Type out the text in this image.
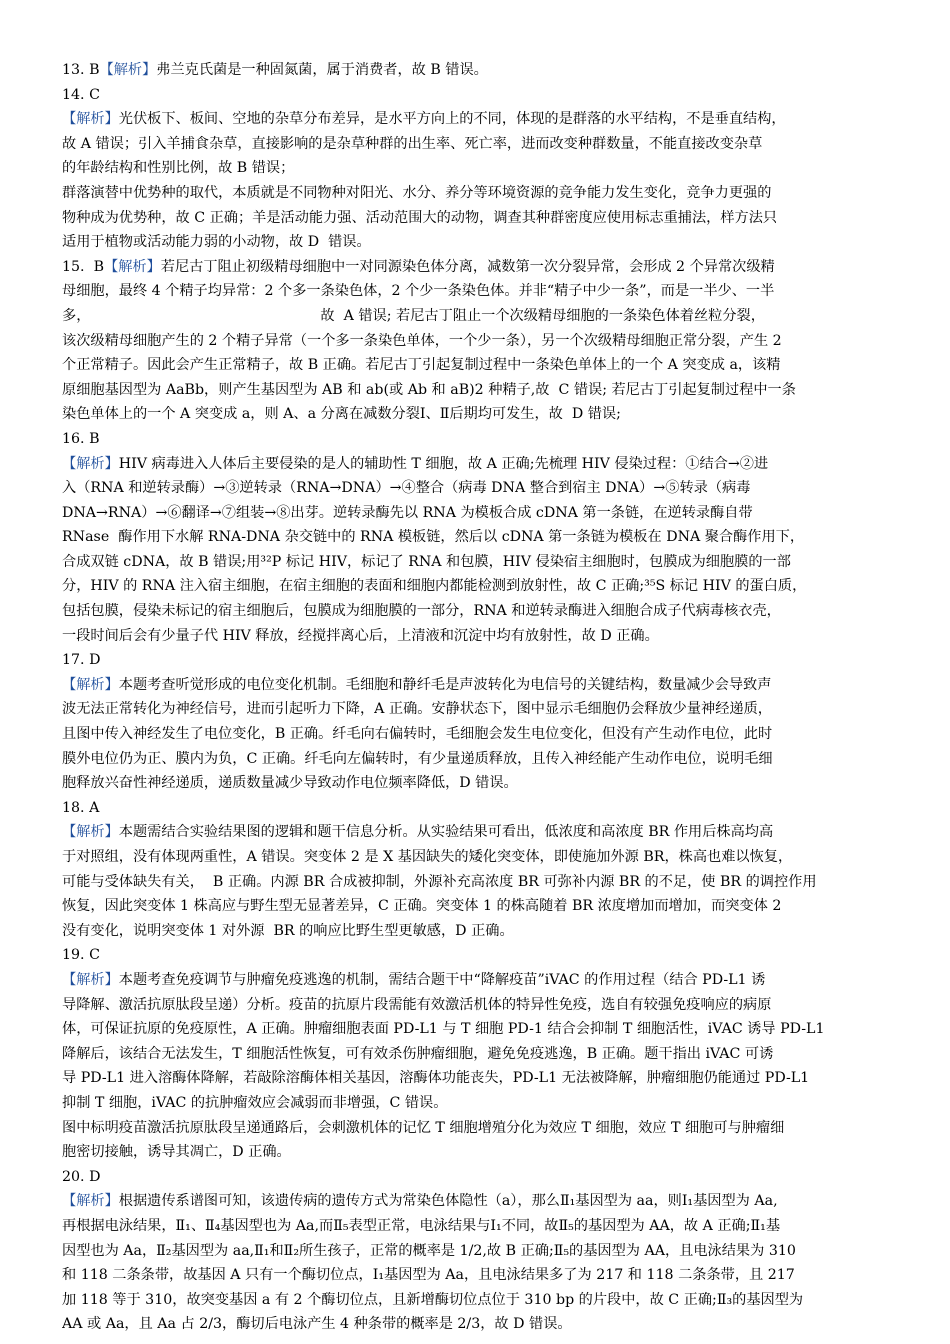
13. B【解析】弗兰克氏菌是一种固氮菌，属于消费者，故 B 错误。
14. C
【解析】光伏板下、板间、空地的杂草分布差异，是水平方向上的不同，体现的是群落的水平结构，不是垂直结构，
故 A 错误；引入羊捕食杂草，直接影响的是杂草种群的出生率、死亡率，进而改变种群数量，不能直接改变杂草
的年龄结构和性别比例，故 B 错误；
群落演替中优势种的取代，本质就是不同物种对阳光、水分、养分等环境资源的竞争能力发生变化，竞争力更强的
物种成为优势种，故 C 正确；羊是活动能力强、活动范围大的动物，调查其种群密度应使用标志重捕法，样方法只
适用于植物或活动能力弱的小动物，故 D  错误。
15.  B【解析】若尼古丁阻止初级精母细胞中一对同源染色体分离，减数第一次分裂异常，会形成 2 个异常次级精
母细胞，最终 4 个精子均异常：2 个多一条染色体，2 个少一条染色体。并非“精子中少一条”，而是一半少、一半
多，                                                   故  A 错误; 若尼古丁阻止一个次级精母细胞的一条染色体着丝粒分裂，
该次级精母细胞产生的 2 个精子异常（一个多一条染色单体，一个少一条），另一个次级精母细胞正常分裂，产生 2
个正常精子。因此会产生正常精子，故 B 正确。若尼古丁引起复制过程中一条染色单体上的一个 A 突变成 a，该精
原细胞基因型为 AaBb，则产生基因型为 AB 和 ab(或 Ab 和 aB)2 种精子,故  C 错误; 若尼古丁引起复制过程中一条
染色单体上的一个 A 突变成 a，则 A、a 分离在减数分裂Ⅰ、Ⅱ后期均可发生，故  D 错误;
16. B
【解析】HIV 病毒进入人体后主要侵染的是人的辅助性 T 细胞，故 A 正确;先梳理 HIV 侵染过程：①结合→②进
入（RNA 和逆转录酶）→③逆转录（RNA→DNA）→④整合（病毒 DNA 整合到宿主 DNA）→⑤转录（病毒
DNA→RNA）→⑥翻译→⑦组装→⑧出芽。逆转录酶先以 RNA 为模板合成 cDNA 第一条链，在逆转录酶自带
RNase  酶作用下水解 RNA-DNA 杂交链中的 RNA 模板链，然后以 cDNA 第一条链为模板在 DNA 聚合酶作用下，
合成双链 cDNA，故 B 错误;用³²P 标记 HIV，标记了 RNA 和包膜，HIV 侵染宿主细胞时，包膜成为细胞膜的一部
分，HIV 的 RNA 注入宿主细胞，在宿主细胞的表面和细胞内都能检测到放射性，故 C 正确;³⁵S 标记 HIV 的蛋白质，
包括包膜，侵染未标记的宿主细胞后，包膜成为细胞膜的一部分，RNA 和逆转录酶进入细胞合成子代病毒核衣壳，
一段时间后会有少量子代 HIV 释放，经搅拌离心后，上清液和沉淀中均有放射性，故 D 正确。
17. D
【解析】本题考查听觉形成的电位变化机制。毛细胞和静纤毛是声波转化为电信号的关键结构，数量减少会导致声
波无法正常转化为神经信号，进而引起听力下降，A 正确。安静状态下，图中显示毛细胞仍会释放少量神经递质，
且图中传入神经发生了电位变化，B 正确。纤毛向右偏转时，毛细胞会发生电位变化，但没有产生动作电位，此时
膜外电位仍为正、膜内为负，C 正确。纤毛向左偏转时，有少量递质释放，且传入神经能产生动作电位，说明毛细
胞释放兴奋性神经递质，递质数量减少导致动作电位频率降低，D 错误。
18. A
【解析】本题需结合实验结果图的逻辑和题干信息分析。从实验结果可看出，低浓度和高浓度 BR 作用后株高均高
于对照组，没有体现两重性，A 错误。突变体 2 是 X 基因缺失的矮化突变体，即使施加外源 BR，株高也难以恢复，
可能与受体缺失有关，  B 正确。内源 BR 合成被抑制，外源补充高浓度 BR 可弥补内源 BR 的不足，使 BR 的调控作用
恢复，因此突变体 1 株高应与野生型无显著差异，C 正确。突变体 1 的株高随着 BR 浓度增加而增加，而突变体 2
没有变化，说明突变体 1 对外源  BR 的响应比野生型更敏感，D 正确。
19. C
【解析】本题考查免疫调节与肿瘤免疫逃逸的机制，需结合题干中“降解疫苗”iVAC 的作用过程（结合 PD-L1 诱
导降解、激活抗原肽段呈递）分析。疫苗的抗原片段需能有效激活机体的特异性免疫，选自有较强免疫响应的病原
体，可保证抗原的免疫原性，A 正确。肿瘤细胞表面 PD-L1 与 T 细胞 PD-1 结合会抑制 T 细胞活性，iVAC 诱导 PD-L1
降解后，该结合无法发生，T 细胞活性恢复，可有效杀伤肿瘤细胞，避免免疫逃逸，B 正确。题干指出 iVAC 可诱
导 PD-L1 进入溶酶体降解，若敲除溶酶体相关基因，溶酶体功能丧失，PD-L1 无法被降解，肿瘤细胞仍能通过 PD-L1
抑制 T 细胞，iVAC 的抗肿瘤效应会减弱而非增强，C 错误。
图中标明疫苗激活抗原肽段呈递通路后，会刺激机体的记忆 T 细胞增殖分化为效应 T 细胞，效应 T 细胞可与肿瘤细
胞密切接触，诱导其凋亡，D 正确。
20. D
【解析】根据遗传系谱图可知，该遗传病的遗传方式为常染色体隐性（a），那么Ⅱ₁基因型为 aa，则Ⅰ₁基因型为 Aa,
再根据电泳结果，Ⅱ₁、Ⅱ₄基因型也为 Aa,而Ⅱ₅表型正常，电泳结果与Ⅰ₁不同，故Ⅱ₅的基因型为 AA，故 A 正确;Ⅱ₁基
因型也为 Aa，Ⅱ₂基因型为 aa,Ⅱ₁和Ⅱ₂所生孩子，正常的概率是 1/2,故 B 正确;Ⅱ₅的基因型为 AA，且电泳结果为 310
和 118 二条条带，故基因 A 只有一个酶切位点，Ⅰ₁基因型为 Aa，且电泳结果多了为 217 和 118 二条条带，且 217
加 118 等于 310，故突变基因 a 有 2 个酶切位点，且新增酶切位点位于 310 bp 的片段中，故 C 正确;Ⅱ₃的基因型为
AA 或 Aa，且 Aa 占 2/3，酶切后电泳产生 4 种条带的概率是 2/3，故 D 错误。
